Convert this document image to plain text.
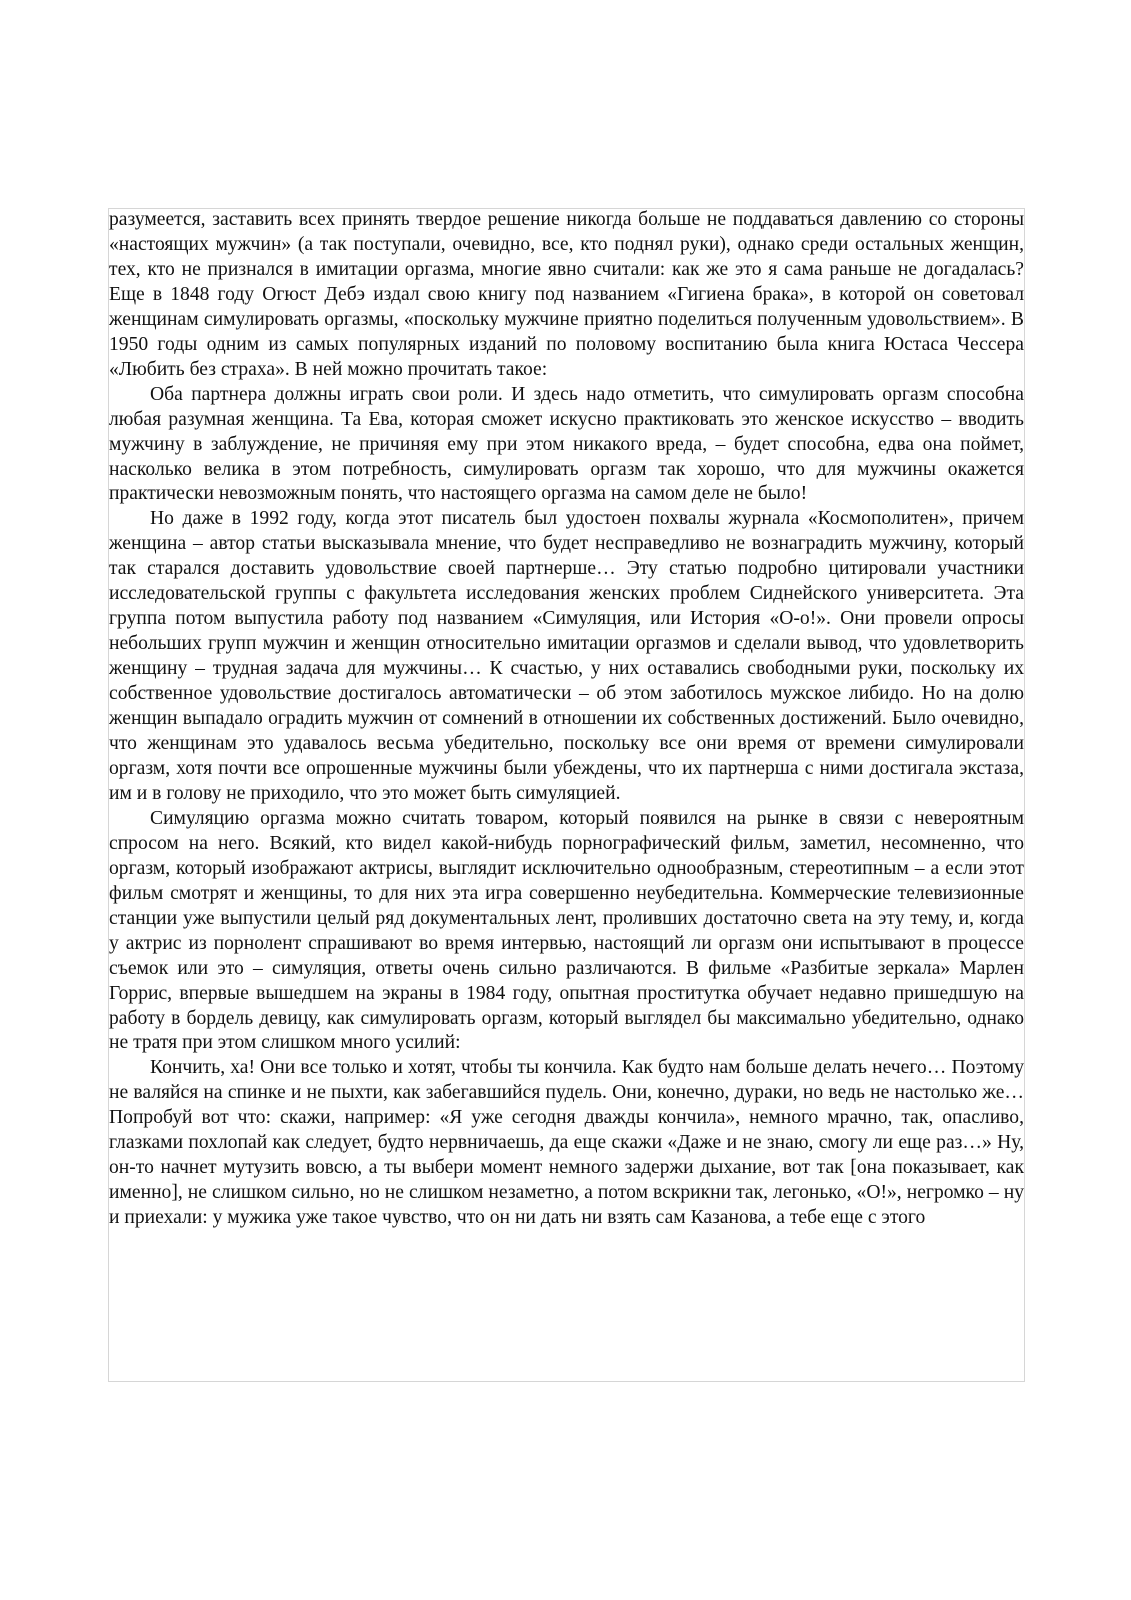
разумеется, заставить всех принять твердое решение никогда больше не поддаваться давлению со стороны «настоящих мужчин» (а так поступали, очевидно, все, кто поднял руки), однако среди остальных женщин, тех, кто не признался в имитации оргазма, многие явно считали: как же это я сама раньше не догадалась? Еще в 1848 году Огюст Дебэ издал свою книгу под названием «Гигиена брака», в которой он советовал женщинам симулировать оргазмы, «поскольку мужчине приятно поделиться полученным удовольствием». В 1950 годы одним из самых популярных изданий по половому воспитанию была книга Юстаса Чессера «Любить без страха». В ней можно прочитать такое:

Оба партнера должны играть свои роли. И здесь надо отметить, что симулировать оргазм способна любая разумная женщина. Та Ева, которая сможет искусно практиковать это женское искусство – вводить мужчину в заблуждение, не причиняя ему при этом никакого вреда, – будет способна, едва она поймет, насколько велика в этом потребность, симулировать оргазм так хорошо, что для мужчины окажется практически невозможным понять, что настоящего оргазма на самом деле не было!

Но даже в 1992 году, когда этот писатель был удостоен похвалы журнала «Космополитен», причем женщина – автор статьи высказывала мнение, что будет несправедливо не вознаградить мужчину, который так старался доставить удовольствие своей партнерше… Эту статью подробно цитировали участники исследовательской группы с факультета исследования женских проблем Сиднейского университета. Эта группа потом выпустила работу под названием «Симуляция, или История «О-о!». Они провели опросы небольших групп мужчин и женщин относительно имитации оргазмов и сделали вывод, что удовлетворить женщину – трудная задача для мужчины… К счастью, у них оставались свободными руки, поскольку их собственное удовольствие достигалось автоматически – об этом заботилось мужское либидо. Но на долю женщин выпадало оградить мужчин от сомнений в отношении их собственных достижений. Было очевидно, что женщинам это удавалось весьма убедительно, поскольку все они время от времени симулировали оргазм, хотя почти все опрошенные мужчины были убеждены, что их партнерша с ними достигала экстаза, им и в голову не приходило, что это может быть симуляцией.

Симуляцию оргазма можно считать товаром, который появился на рынке в связи с невероятным спросом на него. Всякий, кто видел какой-нибудь порнографический фильм, заметил, несомненно, что оргазм, который изображают актрисы, выглядит исключительно однообразным, стереотипным – а если этот фильм смотрят и женщины, то для них эта игра совершенно неубедительна. Коммерческие телевизионные станции уже выпустили целый ряд документальных лент, проливших достаточно света на эту тему, и, когда у актрис из порнолент спрашивают во время интервью, настоящий ли оргазм они испытывают в процессе съемок или это – симуляция, ответы очень сильно различаются. В фильме «Разбитые зеркала» Марлен Горрис, впервые вышедшем на экраны в 1984 году, опытная проститутка обучает недавно пришедшую на работу в бордель девицу, как симулировать оргазм, который выглядел бы максимально убедительно, однако не тратя при этом слишком много усилий:

Кончить, ха! Они все только и хотят, чтобы ты кончила. Как будто нам больше делать нечего… Поэтому не валяйся на спинке и не пыхти, как забегавшийся пудель. Они, конечно, дураки, но ведь не настолько же… Попробуй вот что: скажи, например: «Я уже сегодня дважды кончила», немного мрачно, так, опасливо, глазками похлопай как следует, будто нервничаешь, да еще скажи «Даже и не знаю, смогу ли еще раз…» Ну, он-то начнет мутузить вовсю, а ты выбери момент немного задержи дыхание, вот так [она показывает, как именно], не слишком сильно, но не слишком незаметно, а потом вскрикни так, легонько, «О!», негромко – ну и приехали: у мужика уже такое чувство, что он ни дать ни взять сам Казанова, а тебе еще с этого
